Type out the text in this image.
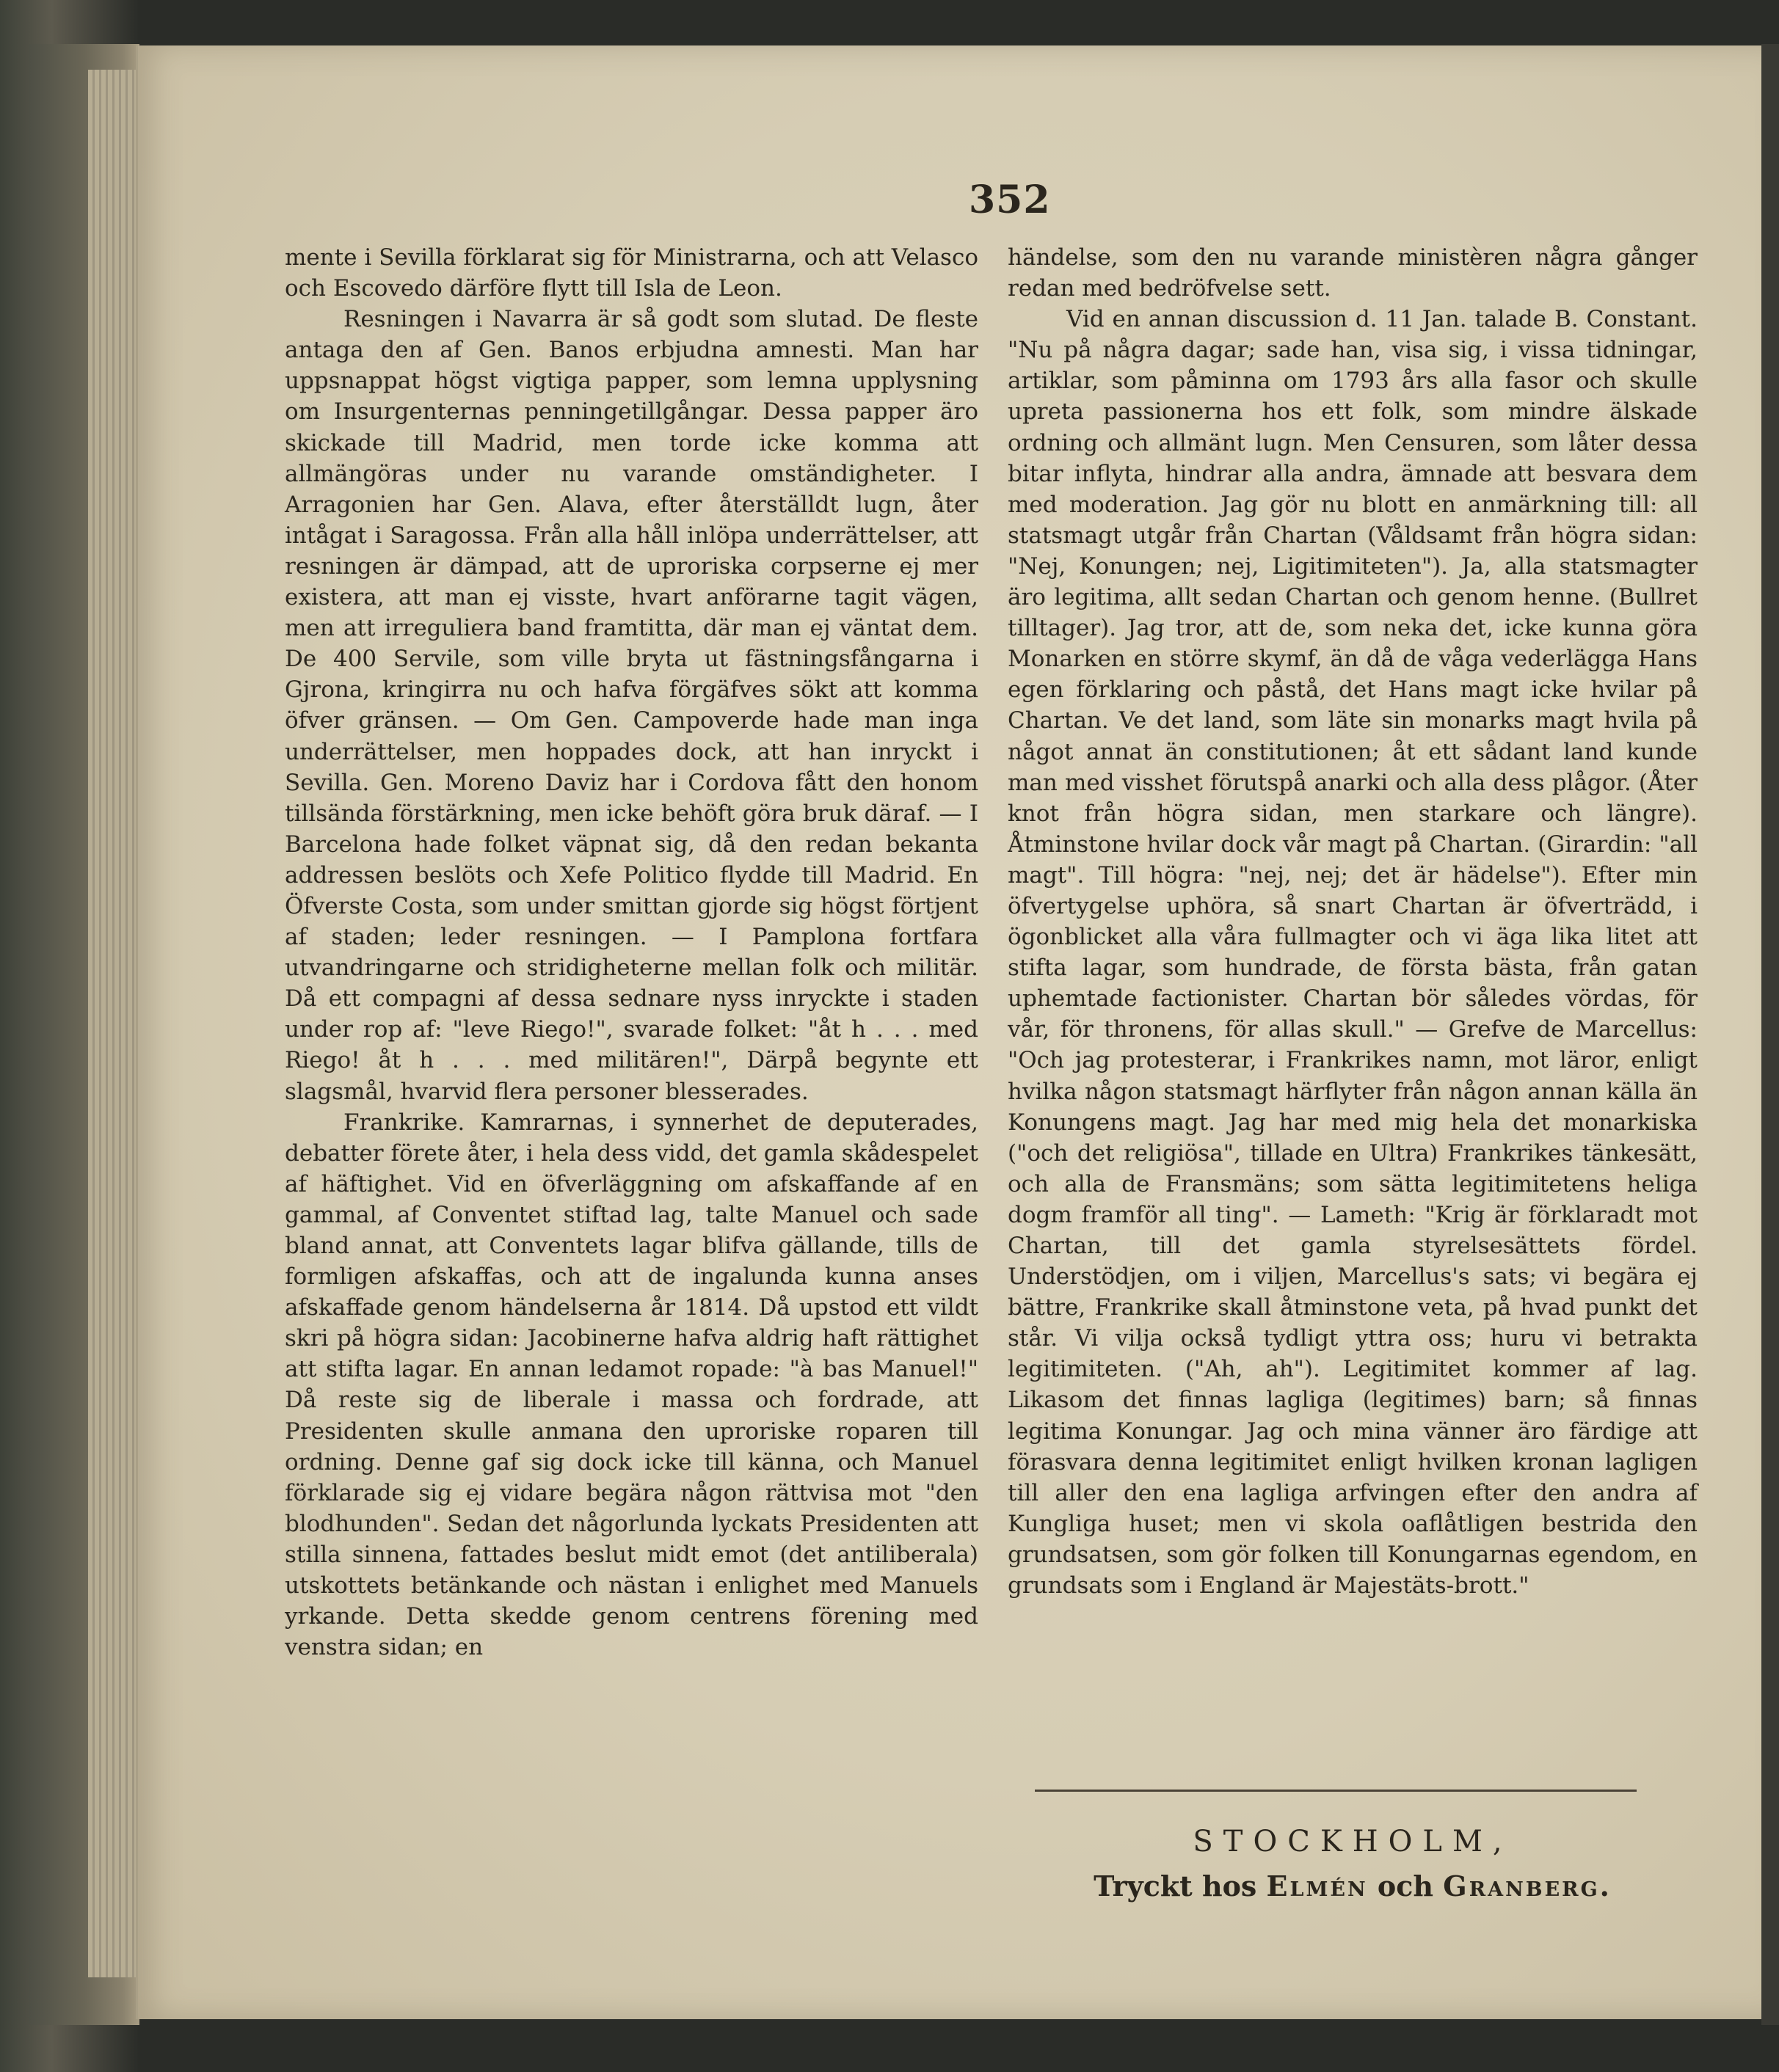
352

mente i Sevilla förklarat sig för Ministrarna, och att Velasco och Escovedo därföre flytt till Isla de Leon.

Resningen i Navarra är så godt som slutad. De fleste antaga den af Gen. Banos erbjudna amnesti. Man har uppsnappat högst vigtiga papper, som lemna upplysning om Insurgenternas penningetillgångar. Dessa papper äro skickade till Madrid, men torde icke komma att allmängöras under nu varande omständigheter. I Arragonien har Gen. Alava, efter återställdt lugn, åter intågat i Saragossa. Från alla håll inlöpa underrättelser, att resningen är dämpad, att de uproriska corpserne ej mer existera, att man ej visste, hvart anförarne tagit vägen, men att irreguliera band framtitta, där man ej väntat dem. De 400 Servile, som ville bryta ut fästningsfångarna i Gjrona, kringirra nu och hafva förgäfves sökt att komma öfver gränsen. — Om Gen. Campoverde hade man inga underrättelser, men hoppades dock, att han inryckt i Sevilla. Gen. Moreno Daviz har i Cordova fått den honom tillsända förstärkning, men icke behöft göra bruk däraf. — I Barcelona hade folket väpnat sig, då den redan bekanta addressen beslöts och Xefe Politico flydde till Madrid. En Öfverste Costa, som under smittan gjorde sig högst förtjent af staden; leder resningen. — I Pamplona fortfara utvandringarne och stridigheterne mellan folk och militär. Då ett compagni af dessa sednare nyss inryckte i staden under rop af: "leve Riego!", svarade folket: "åt h . . . med Riego! åt h . . . med militären!", Därpå begynte ett slagsmål, hvarvid flera personer blesserades.

Frankrike. Kamrarnas, i synnerhet de deputerades, debatter förete åter, i hela dess vidd, det gamla skådespelet af häftighet. Vid en öfverläggning om afskaffande af en gammal, af Conventet stiftad lag, talte Manuel och sade bland annat, att Conventets lagar blifva gällande, tills de formligen afskaffas, och att de ingalunda kunna anses afskaffade genom händelserna år 1814. Då upstod ett vildt skri på högra sidan: Jacobinerne hafva aldrig haft rättighet att stifta lagar. En annan ledamot ropade: "à bas Manuel!" Då reste sig de liberale i massa och fordrade, att Presidenten skulle anmana den uproriske roparen till ordning. Denne gaf sig dock icke till känna, och Manuel förklarade sig ej vidare begära någon rättvisa mot "den blodhunden". Sedan det någorlunda lyckats Presidenten att stilla sinnena, fattades beslut midt emot (det antiliberala) utskottets betänkande och nästan i enlighet med Manuels yrkande. Detta skedde genom centrens förening med venstra sidan; en

händelse, som den nu varande ministèren några gånger redan med bedröfvelse sett.

Vid en annan discussion d. 11 Jan. talade B. Constant. "Nu på några dagar; sade han, visa sig, i vissa tidningar, artiklar, som påminna om 1793 års alla fasor och skulle upreta passionerna hos ett folk, som mindre älskade ordning och allmänt lugn. Men Censuren, som låter dessa bitar inflyta, hindrar alla andra, ämnade att besvara dem med moderation. Jag gör nu blott en anmärkning till: all statsmagt utgår från Chartan (Våldsamt från högra sidan: "Nej, Konungen; nej, Ligitimiteten"). Ja, alla statsmagter äro legitima, allt sedan Chartan och genom henne. (Bullret tilltager). Jag tror, att de, som neka det, icke kunna göra Monarken en större skymf, än då de våga vederlägga Hans egen förklaring och påstå, det Hans magt icke hvilar på Chartan. Ve det land, som läte sin monarks magt hvila på något annat än constitutionen; åt ett sådant land kunde man med visshet förutspå anarki och alla dess plågor. (Åter knot från högra sidan, men starkare och längre). Åtminstone hvilar dock vår magt på Chartan. (Girardin: "all magt". Till högra: "nej, nej; det är hädelse"). Efter min öfvertygelse uphöra, så snart Chartan är öfverträdd, i ögonblicket alla våra fullmagter och vi äga lika litet att stifta lagar, som hundrade, de första bästa, från gatan uphemtade factionister. Chartan bör således vördas, för vår, för thronens, för allas skull." — Grefve de Marcellus: "Och jag protesterar, i Frankrikes namn, mot läror, enligt hvilka någon statsmagt härflyter från någon annan källa än Konungens magt. Jag har med mig hela det monarkiska ("och det religiösa", tillade en Ultra) Frankrikes tänkesätt, och alla de Fransmäns; som sätta legitimitetens heliga dogm framför all ting". — Lameth: "Krig är förklaradt mot Chartan, till det gamla styrelsesättets fördel. Understödjen, om i viljen, Marcellus's sats; vi begära ej bättre, Frankrike skall åtminstone veta, på hvad punkt det står. Vi vilja också tydligt yttra oss; huru vi betrakta legitimiteten. ("Ah, ah"). Legitimitet kommer af lag. Likasom det finnas lagliga (legitimes) barn; så finnas legitima Konungar. Jag och mina vänner äro färdige att förasvara denna legitimitet enligt hvilken kronan lagligen till aller den ena lagliga arfvingen efter den andra af Kungliga huset; men vi skola oaflåtligen bestrida den grundsatsen, som gör folken till Konungarnas egendom, en grundsats som i England är Majestäts-brott."

STOCKHOLM,
Tryckt hos Elmén och Granberg.
